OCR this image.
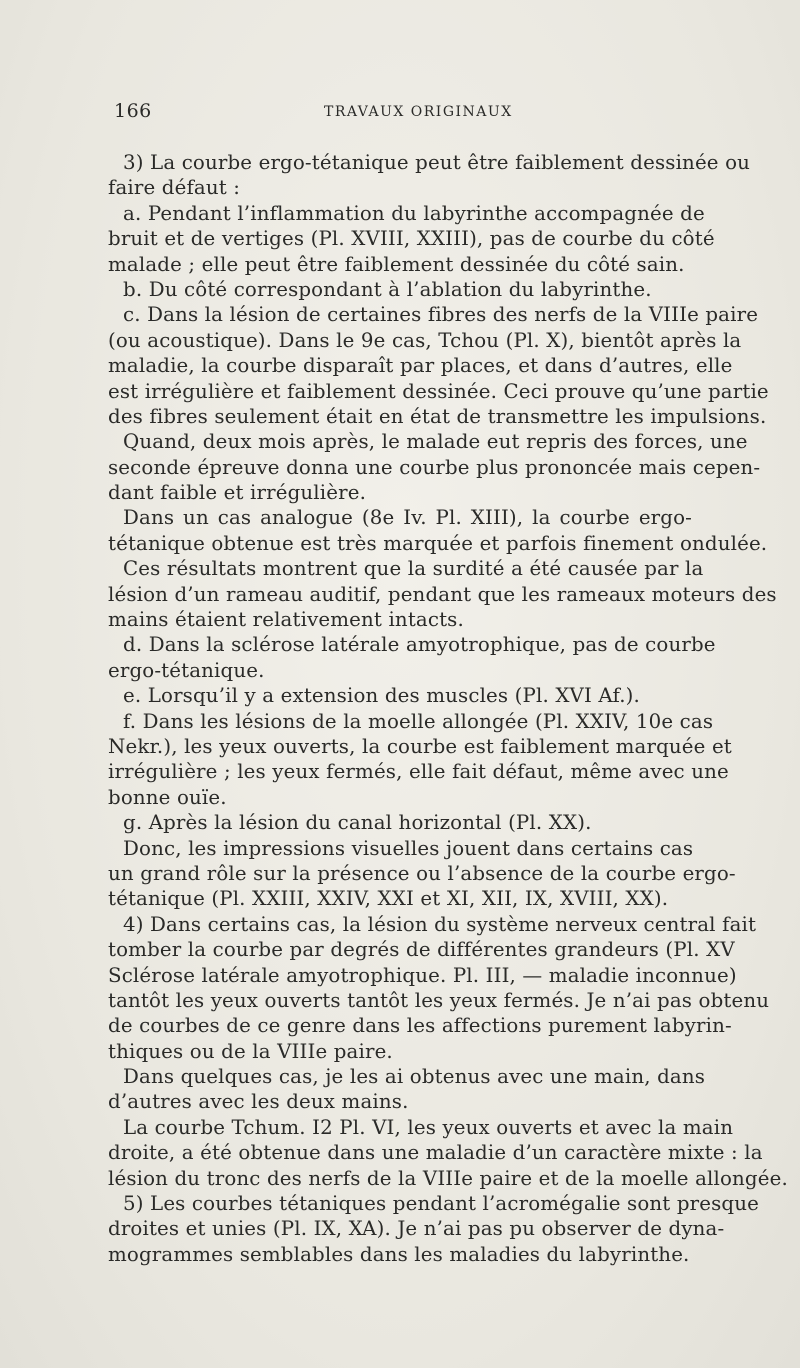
166	TRAVAUX ORIGINAUX
3) La courbe ergo-tétanique peut être faiblement dessinée ou
faire défaut :
a. Pendant l’inflammation du labyrinthe accompagnée de
bruit et de vertiges (Pl. XVIII, XXIII), pas de courbe du côté
malade ; elle peut être faiblement dessinée du côté sain.
b. Du côté correspondant à l’ablation du labyrinthe.
c. Dans la lésion de certaines fibres des nerfs de la VIIIe paire
(ou acoustique). Dans le 9e cas, Tchou (Pl. X), bientôt après la
maladie, la courbe disparaît par places, et dans d’autres, elle
est irrégulière et faiblement dessinée. Ceci prouve qu’une partie
des fibres seulement était en état de transmettre les impulsions.
Quand, deux mois après, le malade eut repris des forces, une
seconde épreuve donna une courbe plus prononcée mais cepen-
dant faible et irrégulière.
Dans un cas analogue (8e Iv. Pl. XIII), la courbe ergo-
tétanique obtenue est très marquée et parfois finement ondulée.
Ces résultats montrent que la surdité a été causée par la
lésion d’un rameau auditif, pendant que les rameaux moteurs des
mains étaient relativement intacts.
d. Dans la sclérose latérale amyotrophique, pas de courbe
ergo-tétanique.
e. Lorsqu’il y a extension des muscles (Pl. XVI Af.).
f. Dans les lésions de la moelle allongée (Pl. XXIV, 10e cas
Nekr.), les yeux ouverts, la courbe est faiblement marquée et
irrégulière ; les yeux fermés, elle fait défaut, même avec une
bonne ouïe.
g. Après la lésion du canal horizontal (Pl. XX).
Donc, les impressions visuelles jouent dans certains cas
un grand rôle sur la présence ou l’absence de la courbe ergo-
tétanique (Pl. XXIII, XXIV, XXI et XI, XII, IX, XVIII, XX).
4) Dans certains cas, la lésion du système nerveux central fait
tomber la courbe par degrés de différentes grandeurs (Pl. XV
Sclérose latérale amyotrophique. Pl. III, — maladie inconnue)
tantôt les yeux ouverts tantôt les yeux fermés. Je n’ai pas obtenu
de courbes de ce genre dans les affections purement labyrin-
thiques ou de la VIIIe paire.
Dans quelques cas, je les ai obtenus avec une main, dans
d’autres avec les deux mains.
La courbe Tchum. I2 Pl. VI, les yeux ouverts et avec la main
droite, a été obtenue dans une maladie d’un caractère mixte : la
lésion du tronc des nerfs de la VIIIe paire et de la moelle allongée.
5) Les courbes tétaniques pendant l’acromégalie sont presque
droites et unies (Pl. IX, XA). Je n’ai pas pu observer de dyna-
mogrammes semblables dans les maladies du labyrinthe.
